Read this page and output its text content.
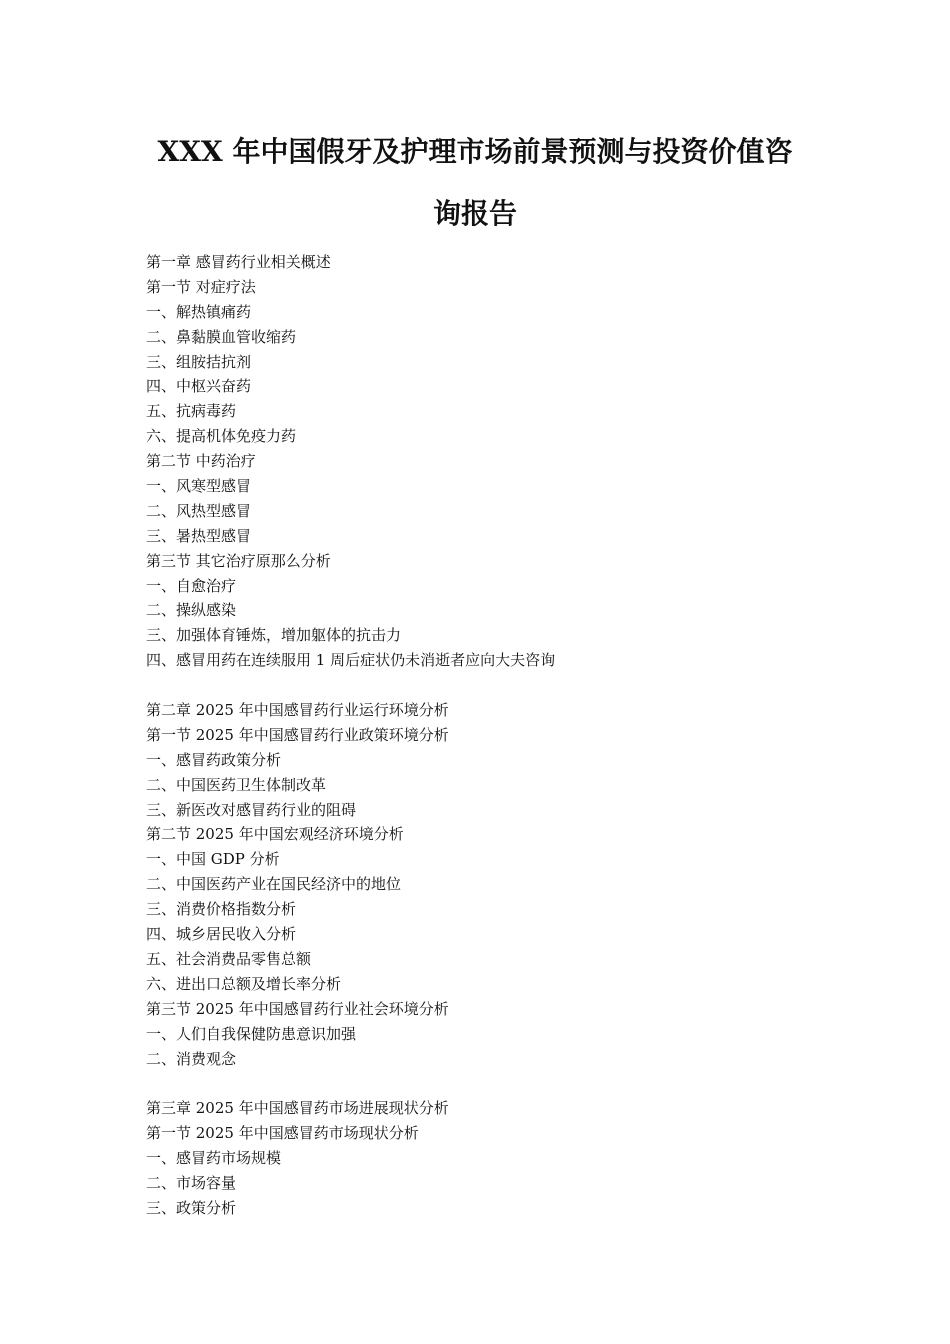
XXX 年中国假牙及护理市场前景预测与投资价值咨
询报告
第一章 感冒药行业相关概述
第一节 对症疗法
一、解热镇痛药
二、鼻黏膜血管收缩药
三、组胺拮抗剂
四、中枢兴奋药
五、抗病毒药
六、提高机体免疫力药
第二节 中药治疗
一、风寒型感冒
二、风热型感冒
三、暑热型感冒
第三节 其它治疗原那么分析
一、自愈治疗
二、操纵感染
三、加强体育锤炼，增加躯体的抗击力
四、感冒用药在连续服用 1 周后症状仍未消逝者应向大夫咨询
第二章 2025 年中国感冒药行业运行环境分析
第一节 2025 年中国感冒药行业政策环境分析
一、感冒药政策分析
二、中国医药卫生体制改革
三、新医改对感冒药行业的阻碍
第二节 2025 年中国宏观经济环境分析
一、中国 GDP 分析
二、中国医药产业在国民经济中的地位
三、消费价格指数分析
四、城乡居民收入分析
五、社会消费品零售总额
六、进出口总额及增长率分析
第三节 2025 年中国感冒药行业社会环境分析
一、人们自我保健防患意识加强
二、消费观念
第三章 2025 年中国感冒药市场进展现状分析
第一节 2025 年中国感冒药市场现状分析
一、感冒药市场规模
二、市场容量
三、政策分析
